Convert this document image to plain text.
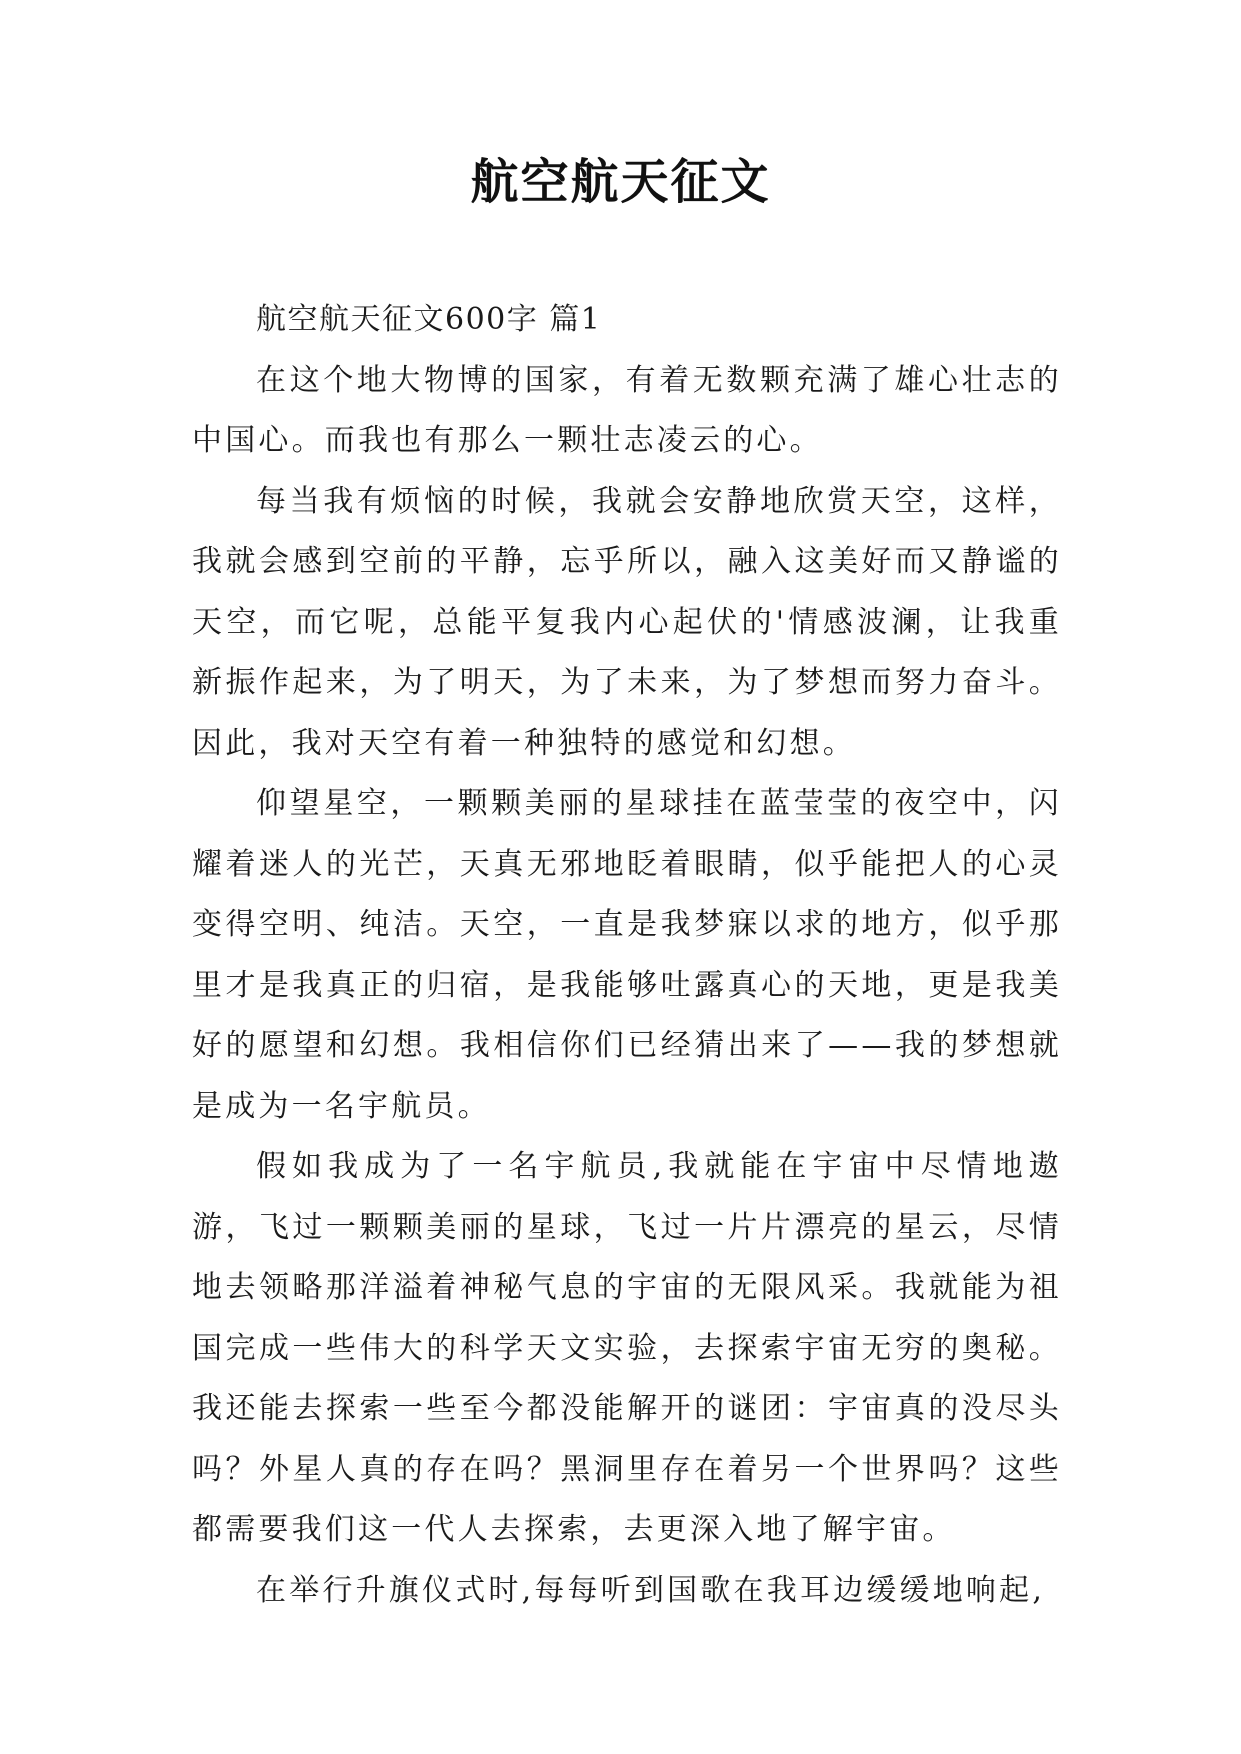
航空航天征文

航空航天征文600字 篇1

在这个地大物博的国家，有着无数颗充满了雄心壮志的中国心。而我也有那么一颗壮志凌云的心。

每当我有烦恼的时候，我就会安静地欣赏天空，这样，我就会感到空前的平静，忘乎所以，融入这美好而又静谧的天空，而它呢，总能平复我内心起伏的'情感波澜，让我重新振作起来，为了明天，为了未来，为了梦想而努力奋斗。因此，我对天空有着一种独特的感觉和幻想。

仰望星空，一颗颗美丽的星球挂在蓝莹莹的夜空中，闪耀着迷人的光芒，天真无邪地眨着眼睛，似乎能把人的心灵变得空明、纯洁。天空，一直是我梦寐以求的地方，似乎那里才是我真正的归宿，是我能够吐露真心的天地，更是我美好的愿望和幻想。我相信你们已经猜出来了——我的梦想就是成为一名宇航员。

假如我成为了一名宇航员,我就能在宇宙中尽情地遨游，飞过一颗颗美丽的星球，飞过一片片漂亮的星云，尽情地去领略那洋溢着神秘气息的宇宙的无限风采。我就能为祖国完成一些伟大的科学天文实验，去探索宇宙无穷的奥秘。我还能去探索一些至今都没能解开的谜团：宇宙真的没尽头吗？外星人真的存在吗？黑洞里存在着另一个世界吗？这些都需要我们这一代人去探索，去更深入地了解宇宙。

在举行升旗仪式时,每每听到国歌在我耳边缓缓地响起,
